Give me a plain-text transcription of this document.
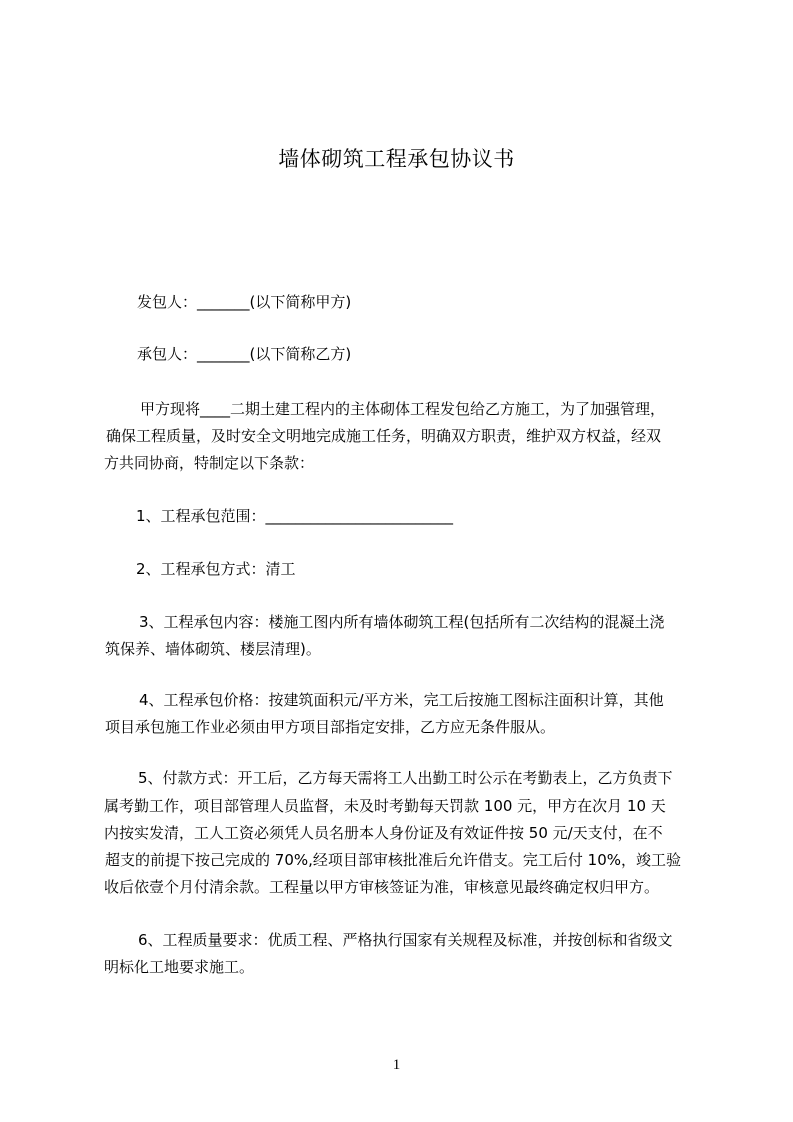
墙体砌筑工程承包协议书
发包人：_______(以下简称甲方)
承包人：_______(以下简称乙方)
甲方现将____二期土建工程内的主体砌体工程发包给乙方施工，为了加强管理，
确保工程质量，及时安全文明地完成施工任务，明确双方职责，维护双方权益，经双
方共同协商，特制定以下条款：
1、工程承包范围：_________________________
2、工程承包方式：清工
3、工程承包内容：楼施工图内所有墙体砌筑工程(包括所有二次结构的混凝土浇
筑保养、墙体砌筑、楼层清理)。
4、工程承包价格：按建筑面积元/平方米，完工后按施工图标注面积计算，其他
项目承包施工作业必须由甲方项目部指定安排，乙方应无条件服从。
5、付款方式：开工后，乙方每天需将工人出勤工时公示在考勤表上，乙方负责下
属考勤工作，项目部管理人员监督，未及时考勤每天罚款 100 元，甲方在次月 10 天
内按实发清，工人工资必须凭人员名册本人身份证及有效证件按 50 元/天支付，在不
超支的前提下按己完成的 70%,经项目部审核批准后允许借支。完工后付 10%，竣工验
收后依壹个月付清余款。工程量以甲方审核签证为准，审核意见最终确定权归甲方。
6、工程质量要求：优质工程、严格执行国家有关规程及标准，并按创标和省级文
明标化工地要求施工。
1
